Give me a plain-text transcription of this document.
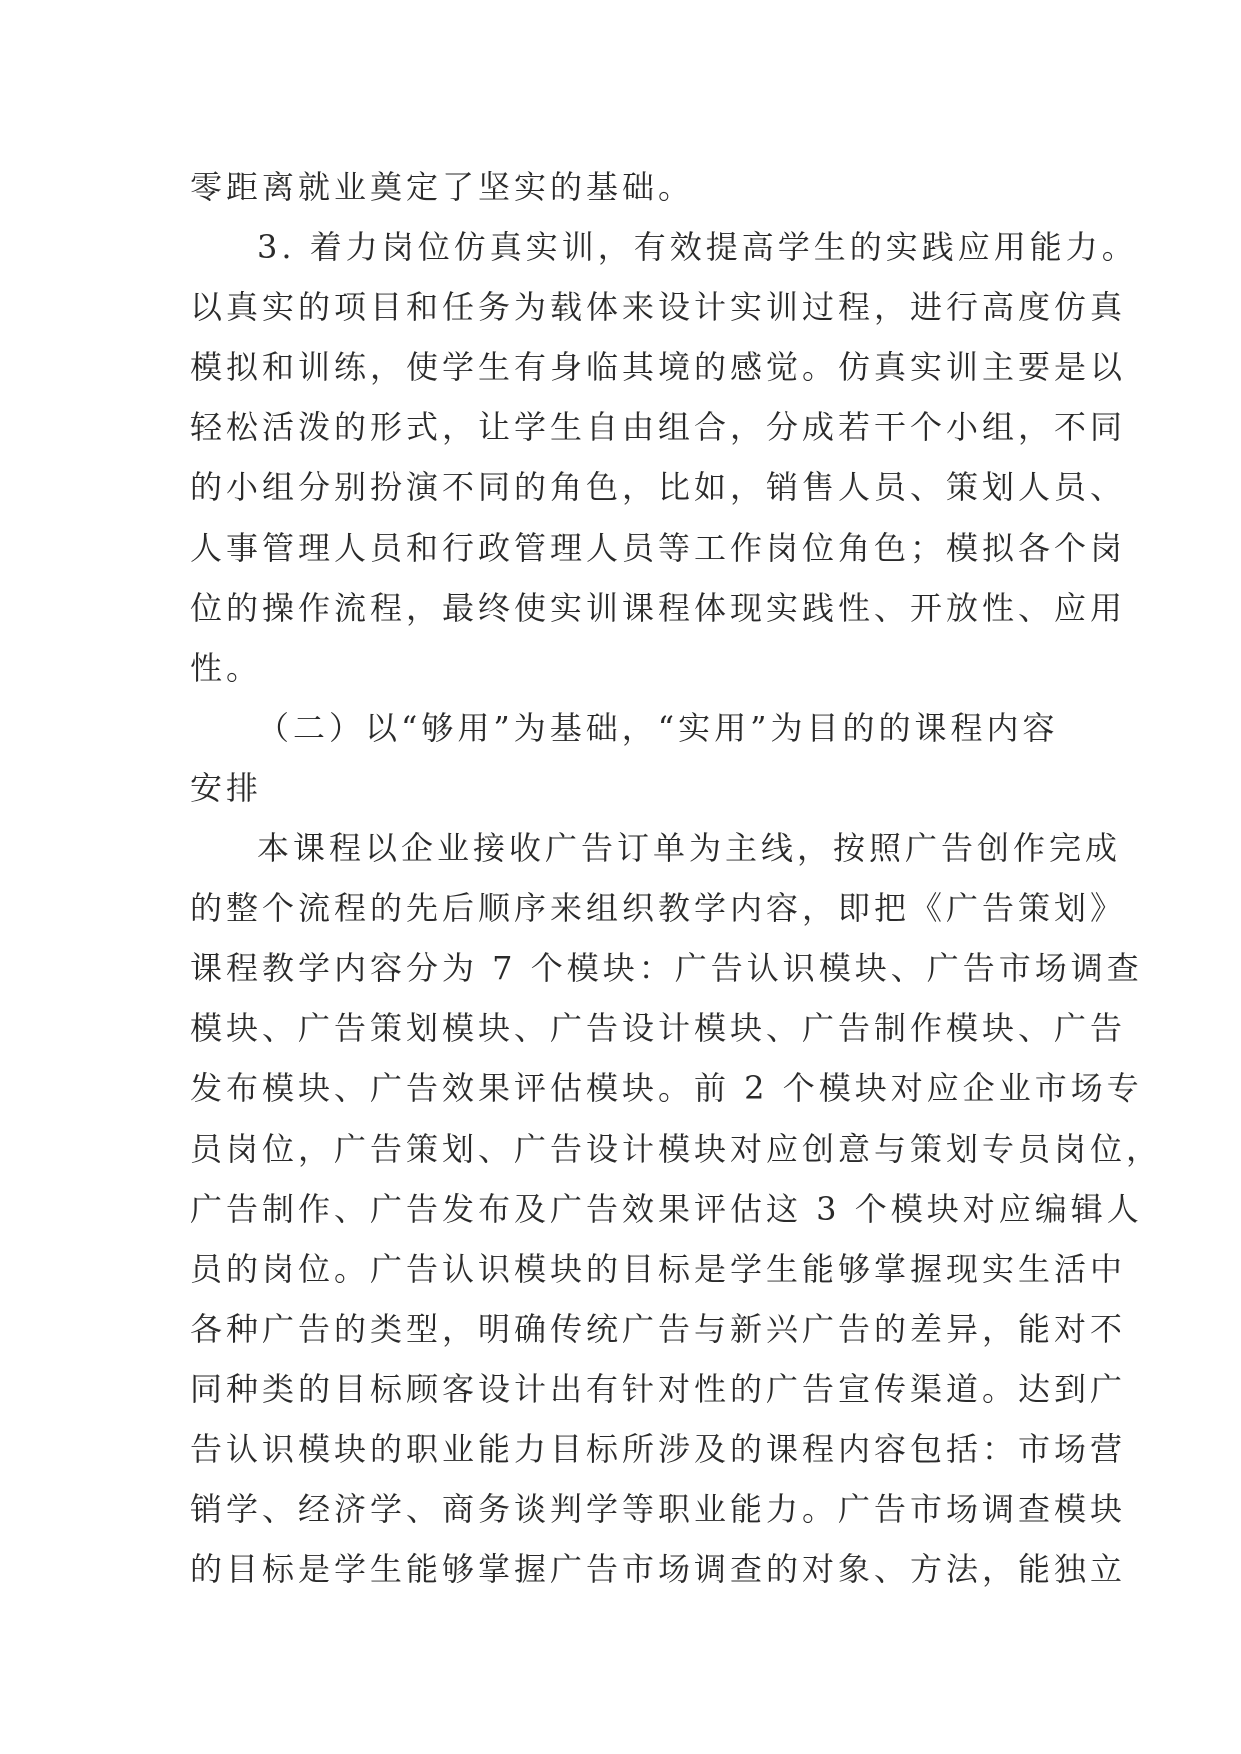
零距离就业奠定了坚实的基础。
3. 着力岗位仿真实训，有效提高学生的实践应用能力。
以真实的项目和任务为载体来设计实训过程，进行高度仿真
模拟和训练，使学生有身临其境的感觉。仿真实训主要是以
轻松活泼的形式，让学生自由组合，分成若干个小组，不同
的小组分别扮演不同的角色，比如，销售人员、策划人员、
人事管理人员和行政管理人员等工作岗位角色；模拟各个岗
位的操作流程，最终使实训课程体现实践性、开放性、应用
性。
（二）以“够用”为基础，“实用”为目的的课程内容
安排
本课程以企业接收广告订单为主线，按照广告创作完成
的整个流程的先后顺序来组织教学内容，即把《广告策划》
课程教学内容分为 7 个模块：广告认识模块、广告市场调查
模块、广告策划模块、广告设计模块、广告制作模块、广告
发布模块、广告效果评估模块。前 2 个模块对应企业市场专
员岗位，广告策划、广告设计模块对应创意与策划专员岗位，
广告制作、广告发布及广告效果评估这 3 个模块对应编辑人
员的岗位。广告认识模块的目标是学生能够掌握现实生活中
各种广告的类型，明确传统广告与新兴广告的差异，能对不
同种类的目标顾客设计出有针对性的广告宣传渠道。达到广
告认识模块的职业能力目标所涉及的课程内容包括：市场营
销学、经济学、商务谈判学等职业能力。广告市场调查模块
的目标是学生能够掌握广告市场调查的对象、方法，能独立
